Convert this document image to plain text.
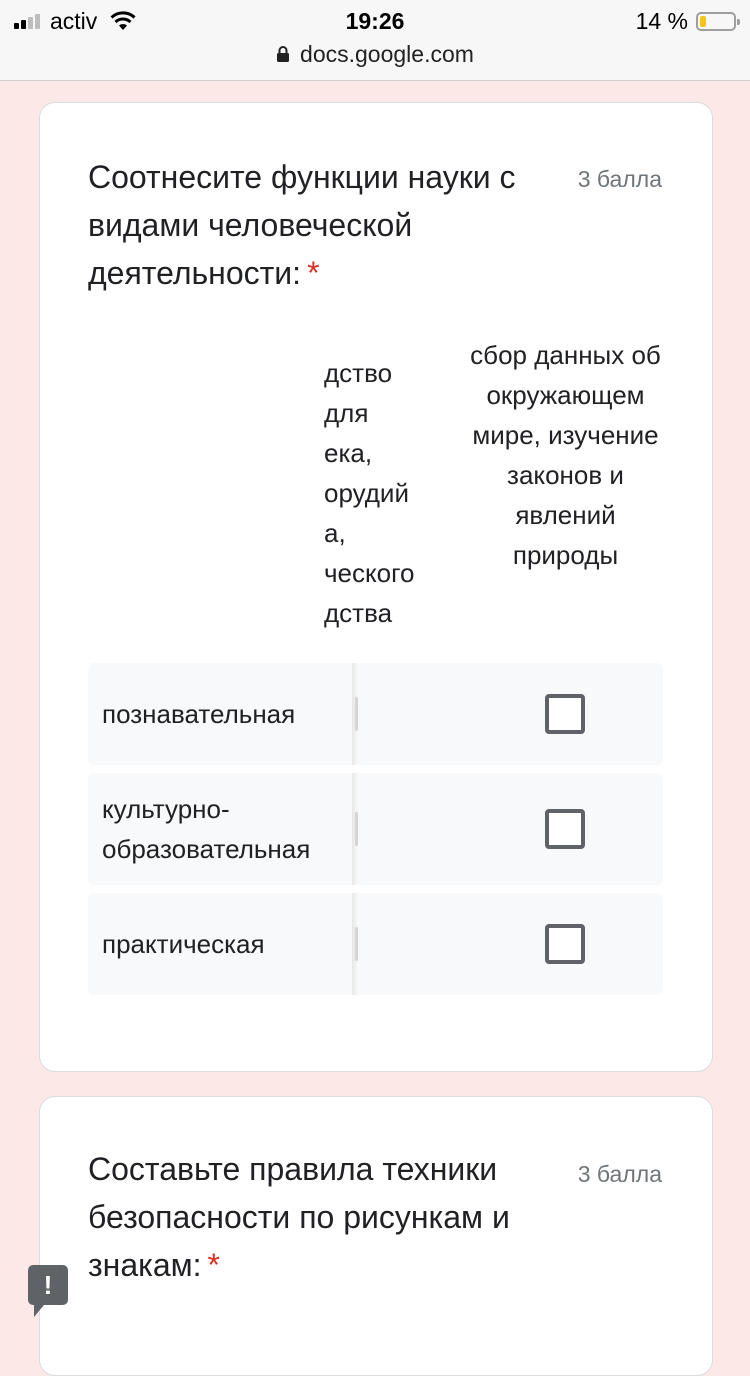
activ	19:26	14 %
docs.google.com
Соотнесите функции науки с видами человеческой деятельности: *
3 балла
дство
для
ека,
орудий
а,
ческого
дства
сбор данных об окружающем мире, изучение законов и явлений природы
познавательная
культурно-образовательная
практическая
Составьте правила техники безопасности по рисункам и знакам: *
3 балла
!
